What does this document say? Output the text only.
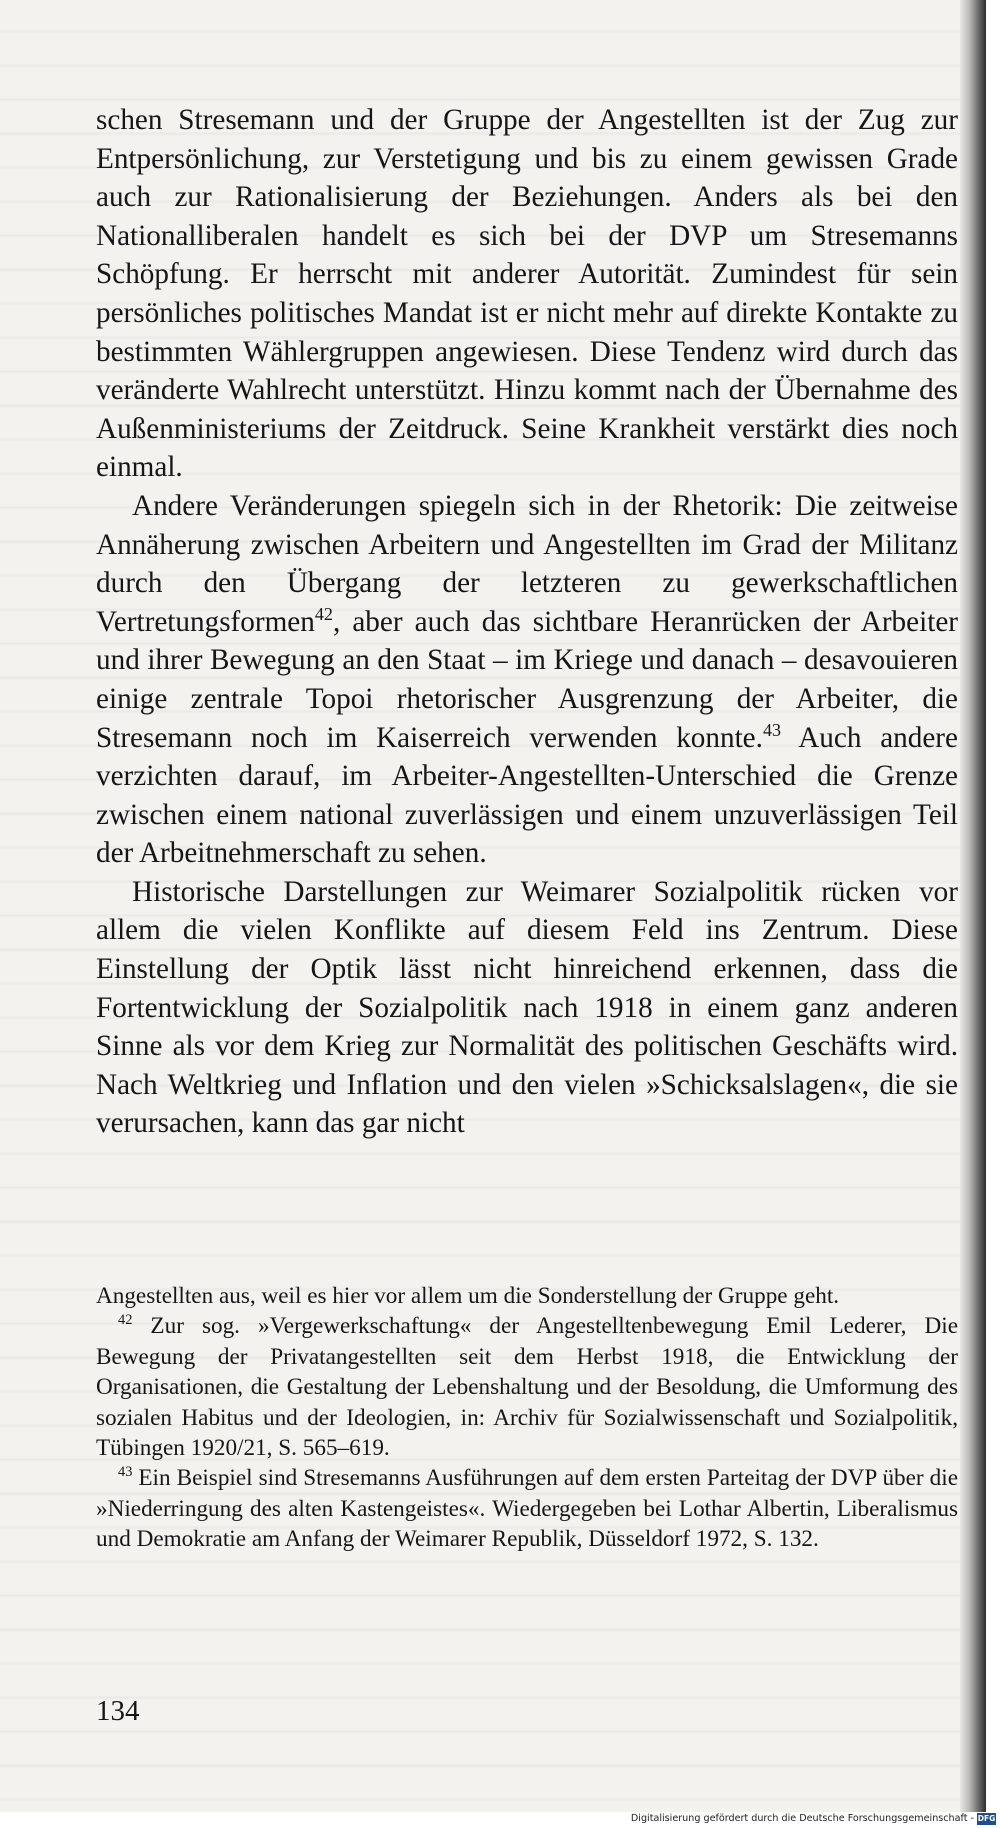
schen Stresemann und der Gruppe der Angestellten ist der Zug zur Entpersönlichung, zur Verstetigung und bis zu einem gewissen Grade auch zur Rationalisierung der Beziehungen. Anders als bei den Nationalliberalen handelt es sich bei der DVP um Stresemanns Schöpfung. Er herrscht mit anderer Autorität. Zumindest für sein persönliches politisches Mandat ist er nicht mehr auf direkte Kontakte zu bestimmten Wählergruppen angewiesen. Diese Tendenz wird durch das veränderte Wahlrecht unterstützt. Hinzu kommt nach der Übernahme des Außenministeriums der Zeitdruck. Seine Krankheit verstärkt dies noch einmal.

Andere Veränderungen spiegeln sich in der Rhetorik: Die zeitweise Annäherung zwischen Arbeitern und Angestellten im Grad der Militanz durch den Übergang der letzteren zu gewerkschaftlichen Vertretungsformen$^{42}$, aber auch das sichtbare Heranrücken der Arbeiter und ihrer Bewegung an den Staat – im Kriege und danach – desavouieren einige zentrale Topoi rhetorischer Ausgrenzung der Arbeiter, die Stresemann noch im Kaiserreich verwenden konnte.$^{43}$ Auch andere verzichten darauf, im Arbeiter-Angestellten-Unterschied die Grenze zwischen einem national zuverlässigen und einem unzuverlässigen Teil der Arbeitnehmerschaft zu sehen.

Historische Darstellungen zur Weimarer Sozialpolitik rücken vor allem die vielen Konflikte auf diesem Feld ins Zentrum. Diese Einstellung der Optik lässt nicht hinreichend erkennen, dass die Fortentwicklung der Sozialpolitik nach 1918 in einem ganz anderen Sinne als vor dem Krieg zur Normalität des politischen Geschäfts wird. Nach Weltkrieg und Inflation und den vielen »Schicksalslagen«, die sie verursachen, kann das gar nicht

Angestellten aus, weil es hier vor allem um die Sonderstellung der Gruppe geht.

$^{42}$ Zur sog. »Vergewerkschaftung« der Angestelltenbewegung Emil Lederer, Die Bewegung der Privatangestellten seit dem Herbst 1918, die Entwicklung der Organisationen, die Gestaltung der Lebenshaltung und der Besoldung, die Umformung des sozialen Habitus und der Ideologien, in: Archiv für Sozialwissenschaft und Sozialpolitik, Tübingen 1920/21, S. 565–619.

$^{43}$ Ein Beispiel sind Stresemanns Ausführungen auf dem ersten Parteitag der DVP über die »Niederringung des alten Kastengeistes«. Wiedergegeben bei Lothar Albertin, Liberalismus und Demokratie am Anfang der Weimarer Republik, Düsseldorf 1972, S. 132.

134
Digitalisierung gefördert durch die Deutsche Forschungsgemeinschaft - DFG
